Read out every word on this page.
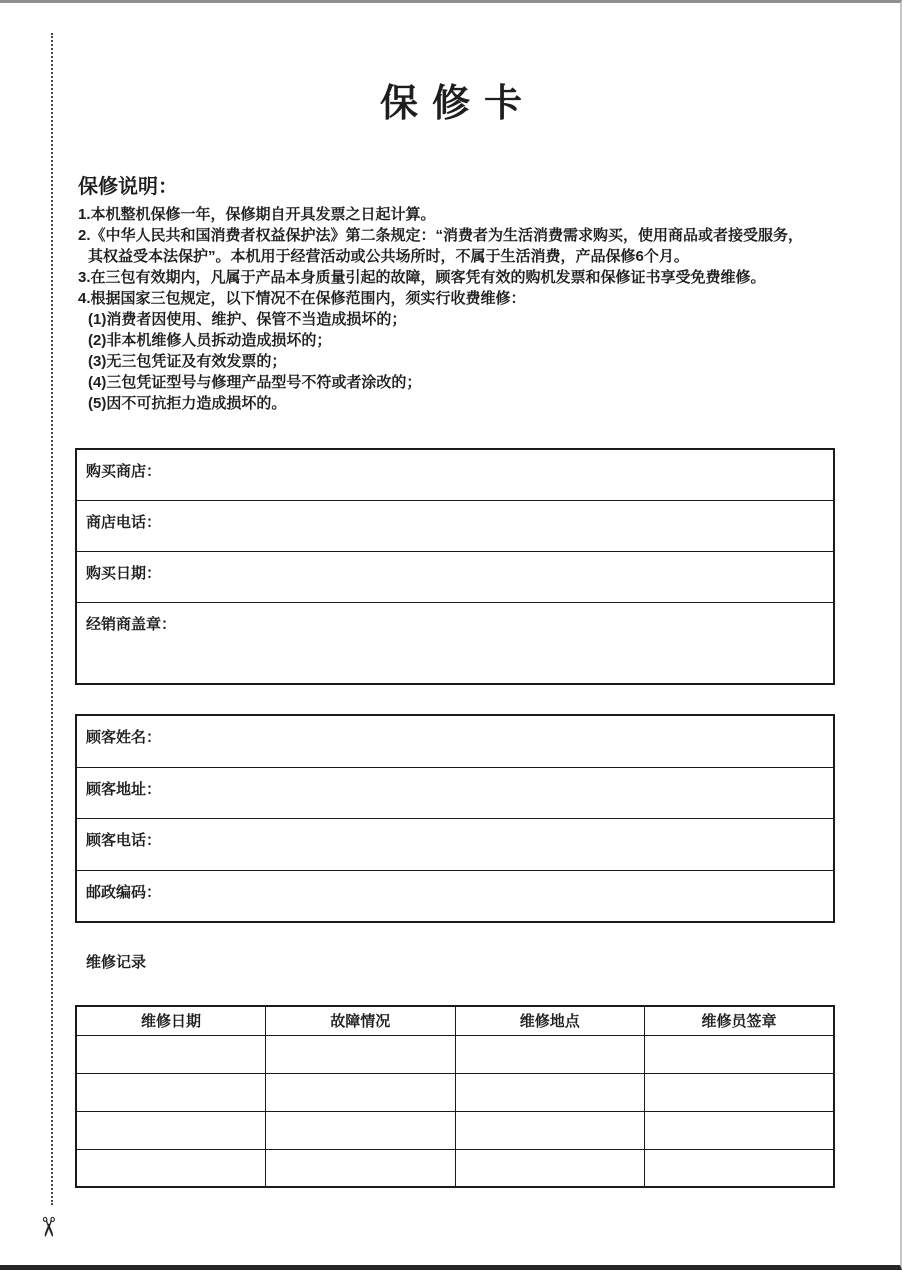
✂
保修卡
保修说明：
1.本机整机保修一年，保修期自开具发票之日起计算。
2.《中华人民共和国消费者权益保护法》第二条规定：“消费者为生活消费需求购买，使用商品或者接受服务，
其权益受本法保护”。本机用于经营活动或公共场所时，不属于生活消费，产品保修6个月。
3.在三包有效期内，凡属于产品本身质量引起的故障，顾客凭有效的购机发票和保修证书享受免费维修。
4.根据国家三包规定，以下情况不在保修范围内，须实行收费维修：
(1)消费者因使用、维护、保管不当造成损坏的；
(2)非本机维修人员拆动造成损坏的；
(3)无三包凭证及有效发票的；
(4)三包凭证型号与修理产品型号不符或者涂改的；
(5)因不可抗拒力造成损坏的。
购买商店：
商店电话：
购买日期：
经销商盖章：
顾客姓名：
顾客地址：
顾客电话：
邮政编码：
维修记录
维修日期	故障情况	维修地点	维修员签章
